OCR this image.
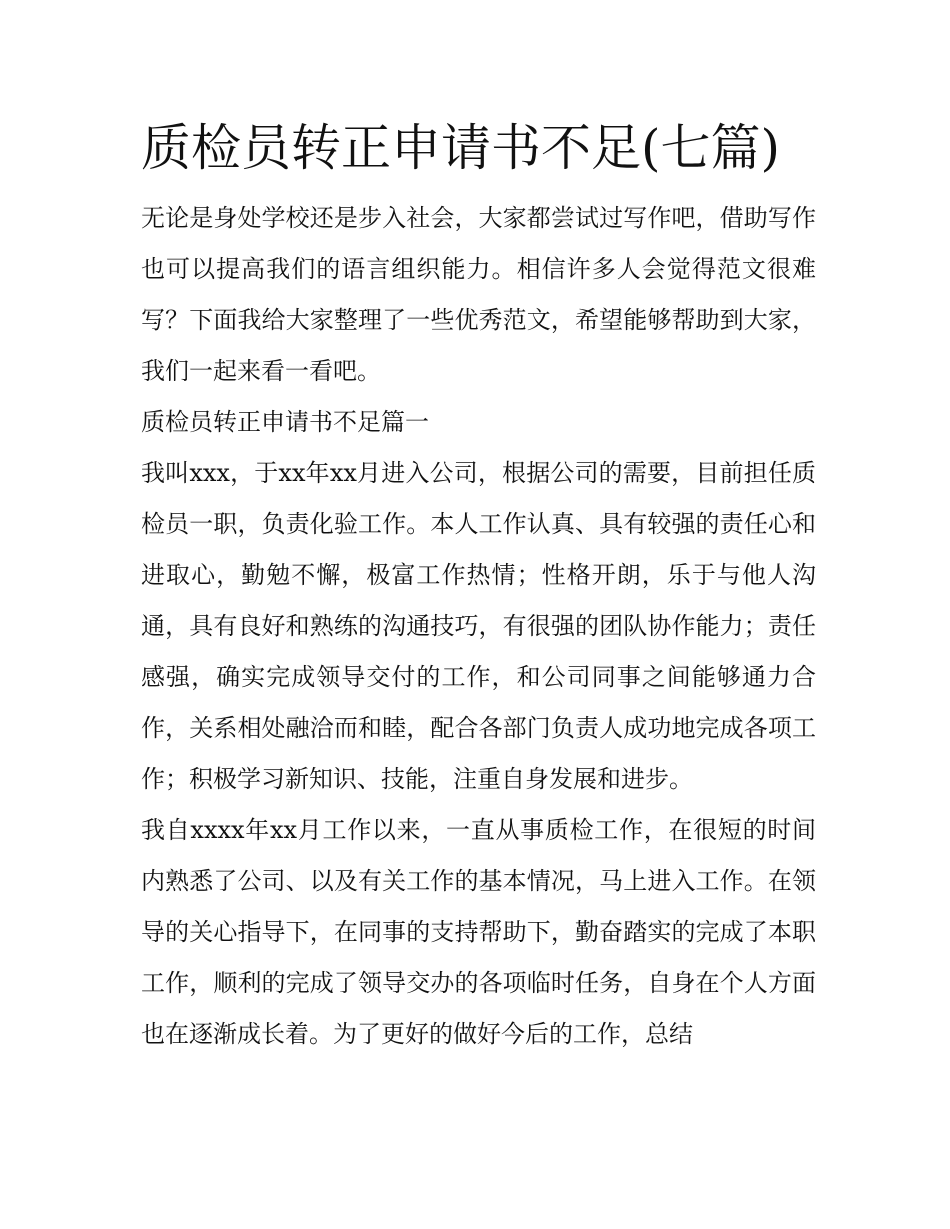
质检员转正申请书不足(七篇)

无论是身处学校还是步入社会，大家都尝试过写作吧，借助写作也可以提高我们的语言组织能力。相信许多人会觉得范文很难写？下面我给大家整理了一些优秀范文，希望能够帮助到大家，我们一起来看一看吧。

质检员转正申请书不足篇一

我叫xxx，于xx年xx月进入公司，根据公司的需要，目前担任质检员一职，负责化验工作。本人工作认真、具有较强的责任心和进取心，勤勉不懈，极富工作热情；性格开朗，乐于与他人沟通，具有良好和熟练的沟通技巧，有很强的团队协作能力；责任感强，确实完成领导交付的工作，和公司同事之间能够通力合作，关系相处融洽而和睦，配合各部门负责人成功地完成各项工作；积极学习新知识、技能，注重自身发展和进步。

我自xxxx年xx月工作以来，一直从事质检工作，在很短的时间内熟悉了公司、以及有关工作的基本情况，马上进入工作。在领导的关心指导下，在同事的支持帮助下，勤奋踏实的完成了本职工作，顺利的完成了领导交办的各项临时任务，自身在个人方面也在逐渐成长着。为了更好的做好今后的工作，总结
